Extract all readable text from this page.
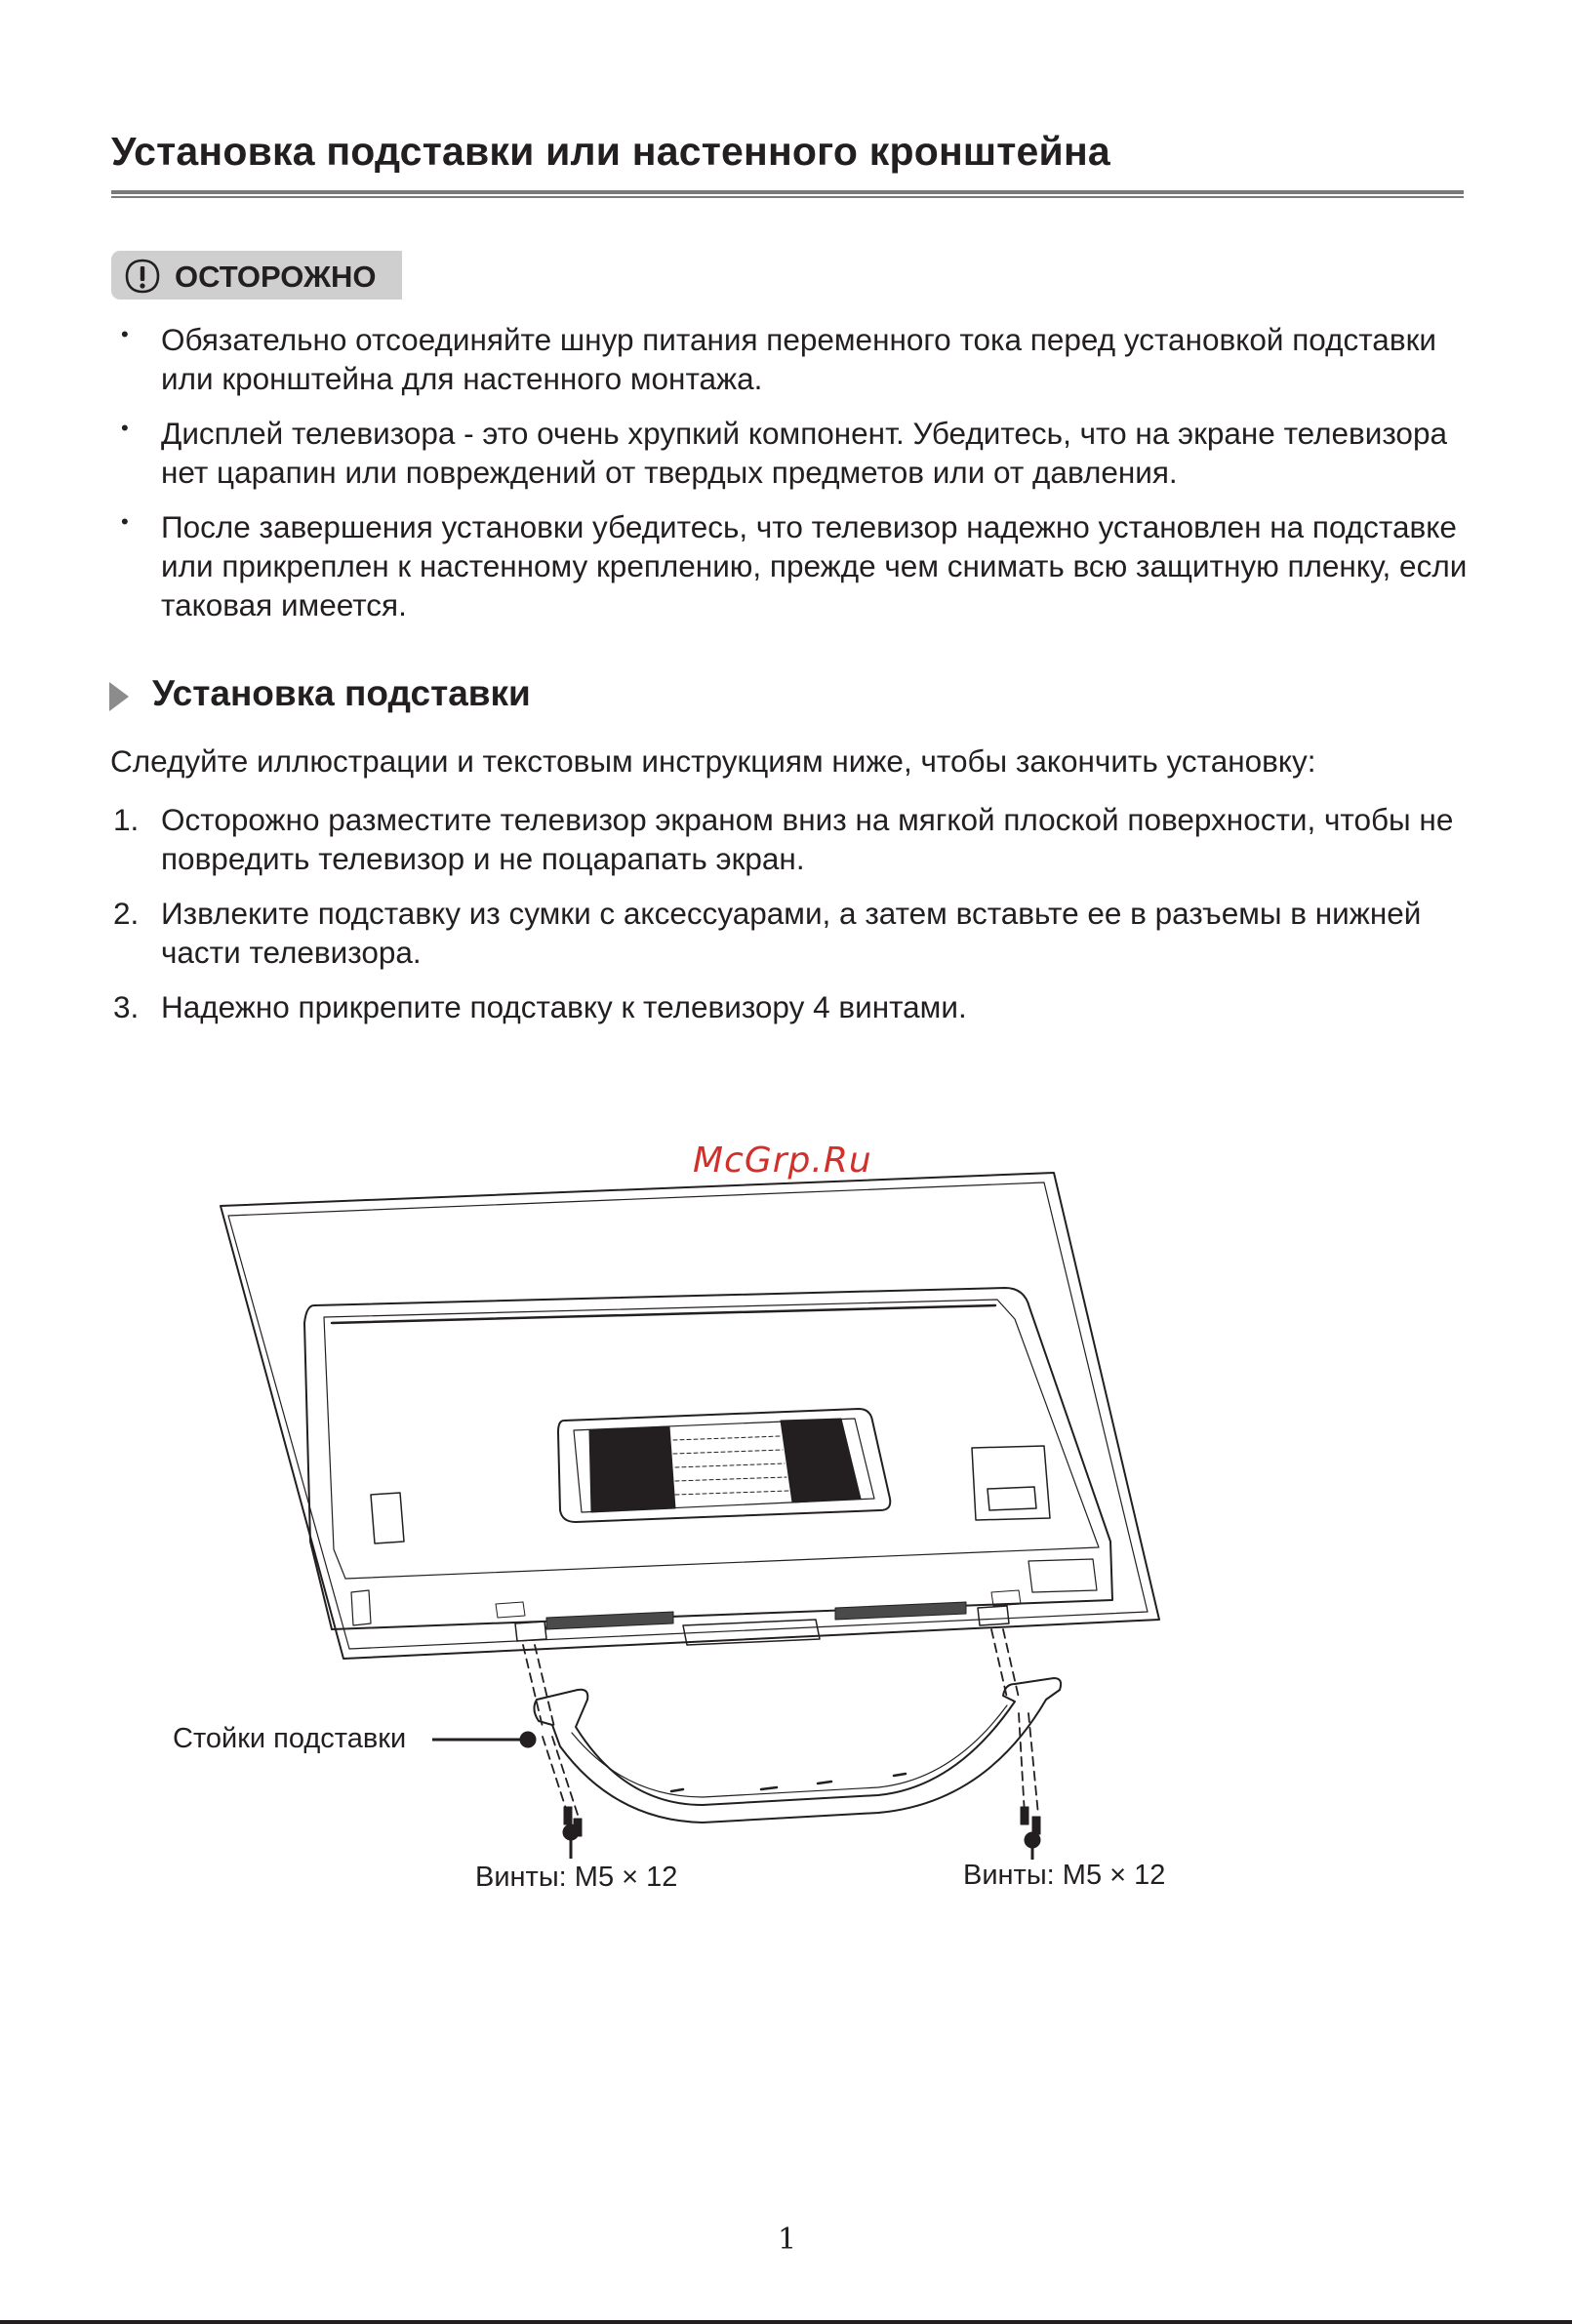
Установка подставки или настенного кронштейна
ОСТОРОЖНО
• Обязательно отсоединяйте шнур питания переменного тока перед установкой подставки или кронштейна для настенного монтажа.
• Дисплей телевизора - это очень хрупкий компонент. Убедитесь, что на экране телевизора нет царапин или повреждений от твердых предметов или от давления.
• После завершения установки убедитесь, что телевизор надежно установлен на подставке или прикреплен к настенному креплению, прежде чем снимать всю защитную пленку, если таковая имеется.
Установка подставки
Следуйте иллюстрации и текстовым инструкциям ниже, чтобы закончить установку:
1. Осторожно разместите телевизор экраном вниз на мягкой плоской поверхности, чтобы не повредить телевизор и не поцарапать экран.
2. Извлеките подставку из сумки с аксессуарами, а затем вставьте ее в разъемы в нижней части телевизора.
3. Надежно прикрепите подставку к телевизору 4 винтами.
McGrp.Ru
Стойки подставки
Винты: M5 × 12	Винты: M5 × 12
1
